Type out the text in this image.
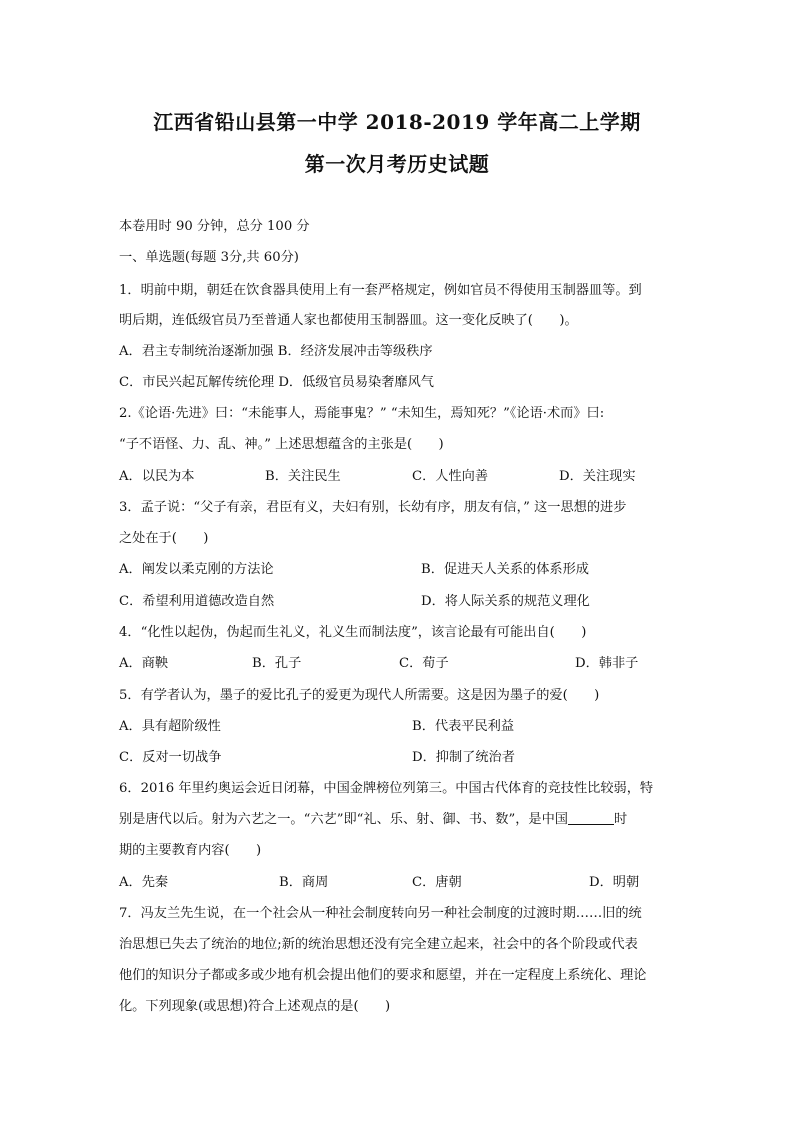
江西省铅山县第一中学 2018-2019 学年高二上学期
第一次月考历史试题
本卷用时 90 分钟，总分 100 分
一、单选题(每题 3分,共 60分)
1．明前中期，朝廷在饮食器具使用上有一套严格规定，例如官员不得使用玉制器皿等。到
明后期，连低级官员乃至普通人家也都使用玉制器皿。这一变化反映了(　　)。
A．君主专制统治逐渐加强 B．经济发展冲击等级秩序
C．市民兴起瓦解传统伦理 D．低级官员易染奢靡风气
2.《论语·先进》曰：“未能事人，焉能事鬼？” “未知生，焉知死？”《论语·术而》曰:
“子不语怪、力、乱、神。” 上述思想蕴含的主张是(　　)
A．以民为本	B．关注民生	C．人性向善	D．关注现实
3．孟子说：“父子有亲，君臣有义，夫妇有别，长幼有序，朋友有信，” 这一思想的进步
之处在于(　　)
A．阐发以柔克刚的方法论	B．促进天人关系的体系形成
C．希望利用道德改造自然	D．将人际关系的规范义理化
4．“化性以起伪，伪起而生礼义，礼义生而制法度”，该言论最有可能出自(　　)
A．商鞅	B．孔子	C．荀子	D．韩非子
5．有学者认为，墨子的爱比孔子的爱更为现代人所需要。这是因为墨子的爱(　　)
A．具有超阶级性	B．代表平民利益
C．反对一切战争	D．抑制了统治者
6．2016 年里约奥运会近日闭幕，中国金牌榜位列第三。中国古代体育的竞技性比较弱，特
别是唐代以后。射为六艺之一。“六艺”即“礼、乐、射、御、书、数”，是中国	时
期的主要教育内容(　　)
A．先秦	B．商周	C．唐朝	D．明朝
7．冯友兰先生说，在一个社会从一种社会制度转向另一种社会制度的过渡时期……旧的统
治思想已失去了统治的地位;新的统治思想还没有完全建立起来，社会中的各个阶段或代表
他们的知识分子都或多或少地有机会提出他们的要求和愿望，并在一定程度上系统化、理论
化。下列现象(或思想)符合上述观点的是(　　)
